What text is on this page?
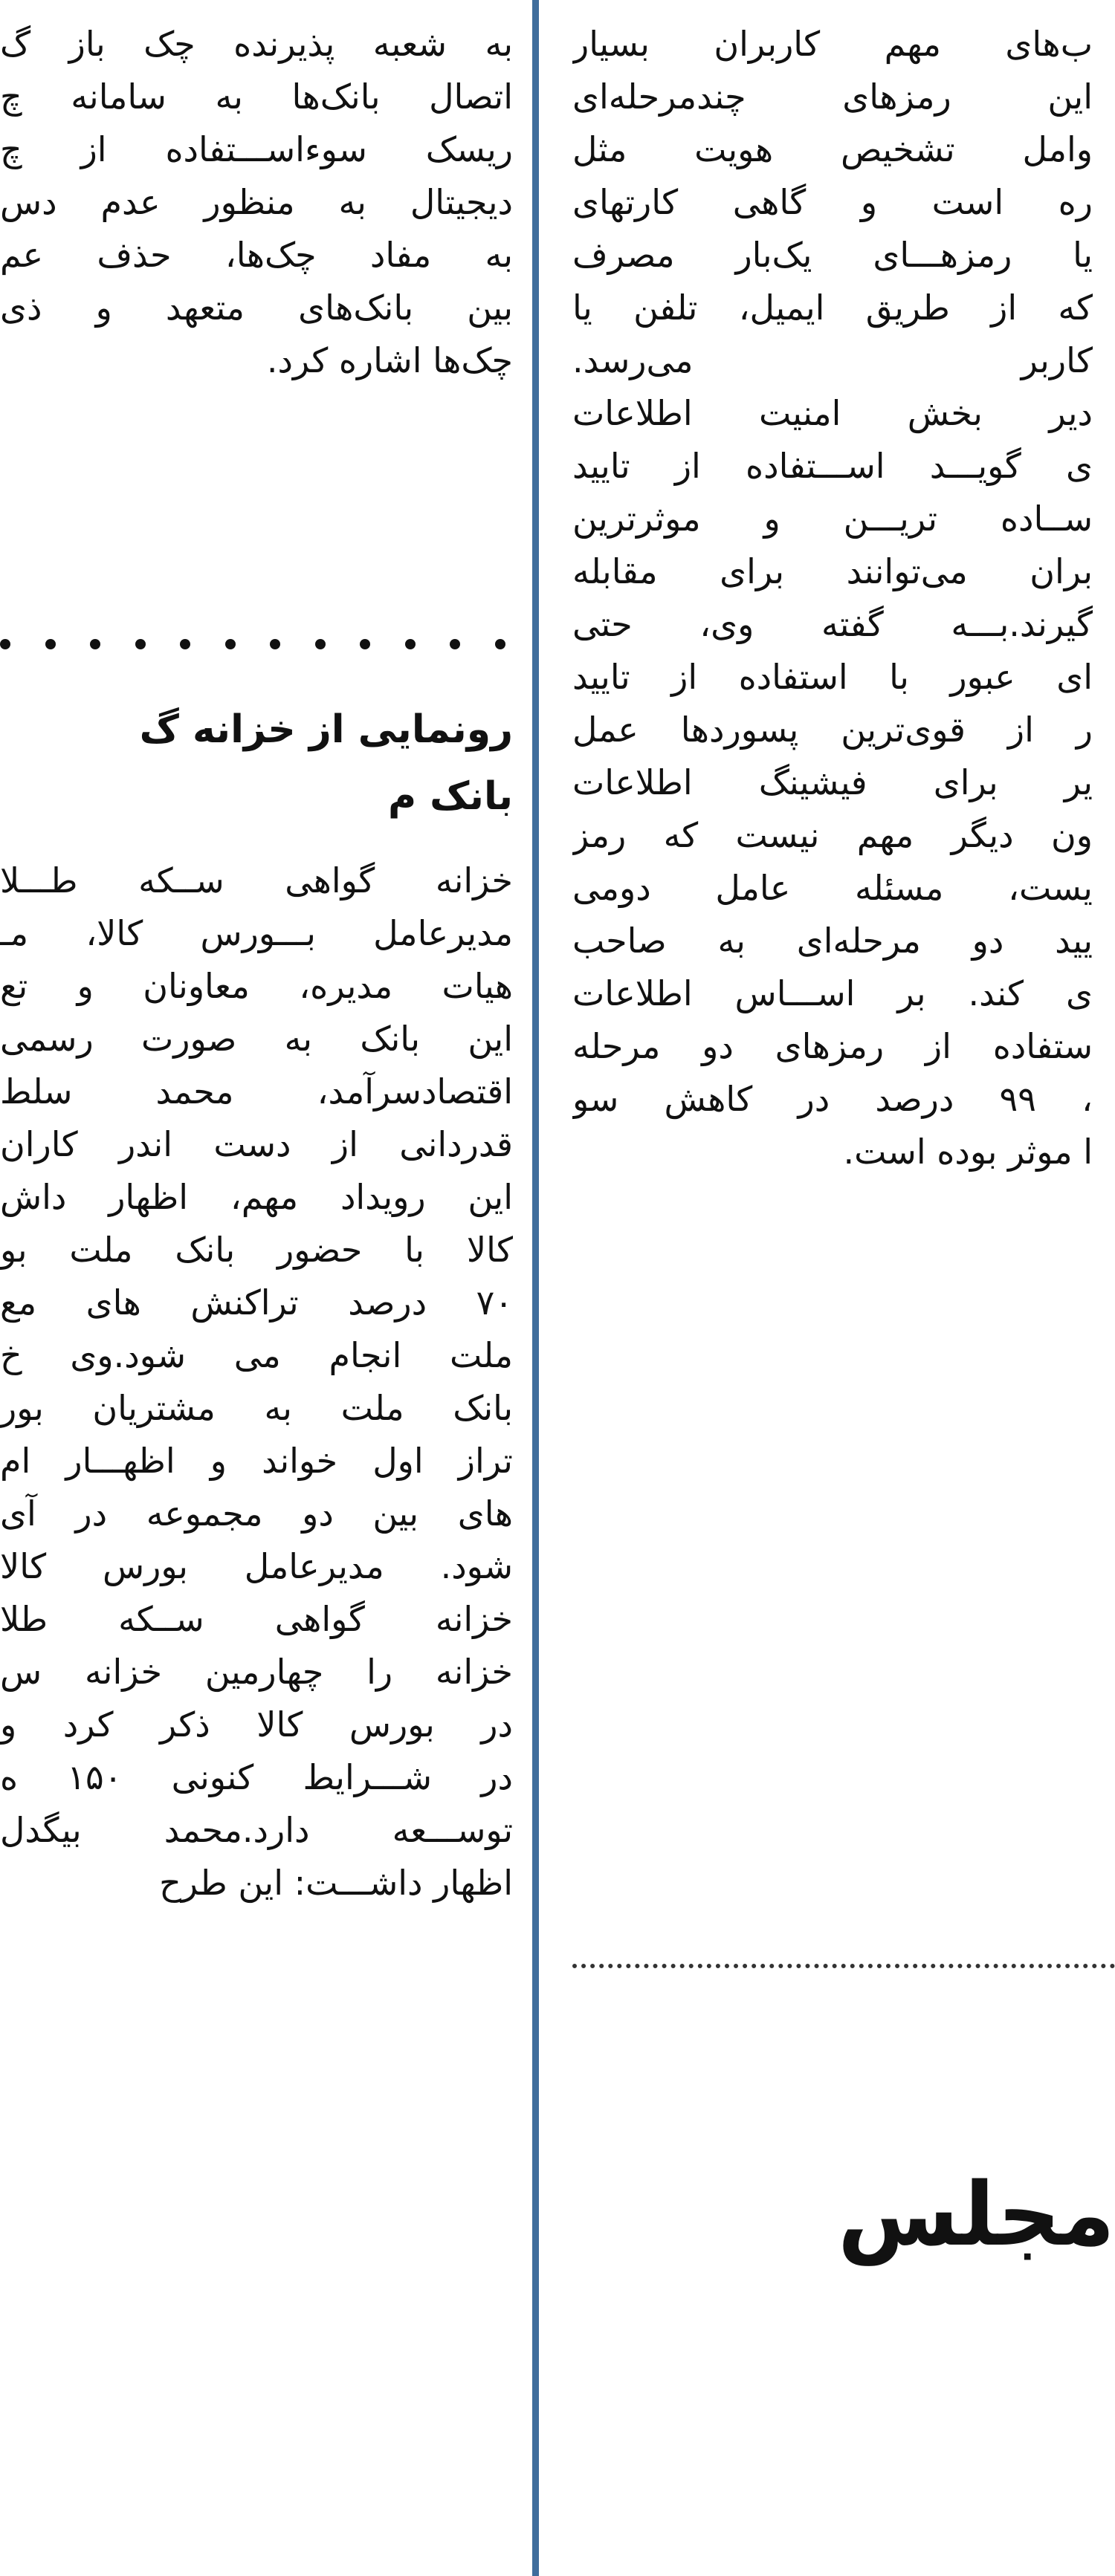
ب‌های مهم کاربران بسیار
این رمزهای چندمرحله‌ای
وامل تشخیص هویت مثل
ره است و گاهی کارتهای
یا رمزهـــای یک‌بار مصرف
که از طریق ایمیل، تلفن یا
کاربر می‌رسد.
دیر بخش امنیت اطلاعات
ی گویـــد اســـتفاده از تایید
ســاده تریـــن و موثرترین
بران می‌توانند برای مقابله
گیرند.بـــه گفته وی، حتی
ای عبور با استفاده از تایید
ر از قوی‌ترین پسوردها عمل
یر برای فیشینگ اطلاعات
ون دیگر مهم نیست که رمز
یست، مسئله عامل دومی
یید دو مرحله‌ای به صاحب
ی کند. بر اســـاس اطلاعات
ستفاده از رمزهای دو مرحله
، ۹۹ درصد در کاهش سو
ا موثر بوده است.
به شعبه پذیرنده چک باز گ
اتصال بانک‌ها به سامانه چ
ریسک سوءاســـتفاده از چ
دیجیتال به منظور عدم دس
به مفاد چک‌ها، حذف عم
بین بانک‌های متعهد و ذی
چک‌ها اشاره کرد.
رونمایی از خزانه گ
بانک م
خزانه گواهی ســکه طـــلا
مدیرعامل بـــورس کالا، مـ
هیات مدیره، معاونان و تع
این بانک به صورت رسمی
اقتصادسرآمد، محمد سلط
قدردانی از دست اندر کاران
این رویداد مهم، اظهار داش
کالا با حضور بانک ملت بو
۷۰ درصد تراکنش های مع
ملت انجام می شود.وی خ
بانک ملت به مشتریان بور
تراز اول خواند و اظهـــار ام
های بین دو مجموعه در آی
شود. مدیرعامل بورس کالا
خزانه گواهی ســکه طلا
خزانه را چهارمین خزانه س
در بورس کالا ذکر کرد و
در شـــرایط کنونی ۱۵۰ ه
توســـعه دارد.محمد بیگدل
اظهار داشـــت: این طرح
مجلس
